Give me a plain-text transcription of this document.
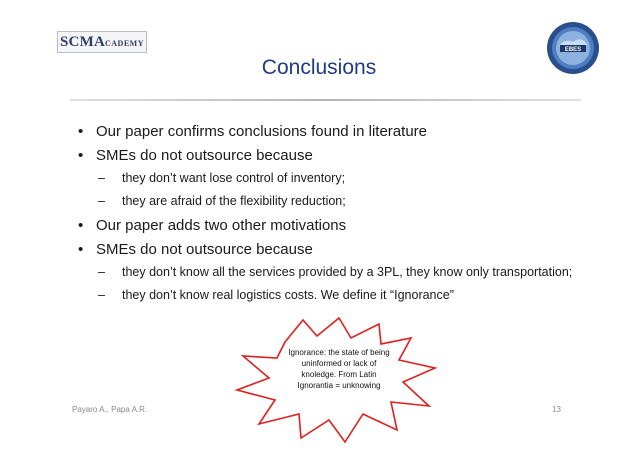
SCMA CADEMY
EBES
Conclusions
• Our paper confirms conclusions found in literature
• SMEs do not outsource because
– they don’t want lose control of inventory;
– they are afraid of the flexibility reduction;
• Our paper adds two other motivations
• SMEs do not outsource because
– they don’t know all the services provided by a 3PL, they know only transportation;
– they don’t know real logistics costs. We define it “Ignorance”
Payaro A., Papa A.R.	13
Ignorance: the state of being
uninformed or lack of
knoledge. From Latin
Ignorantia = unknowing
